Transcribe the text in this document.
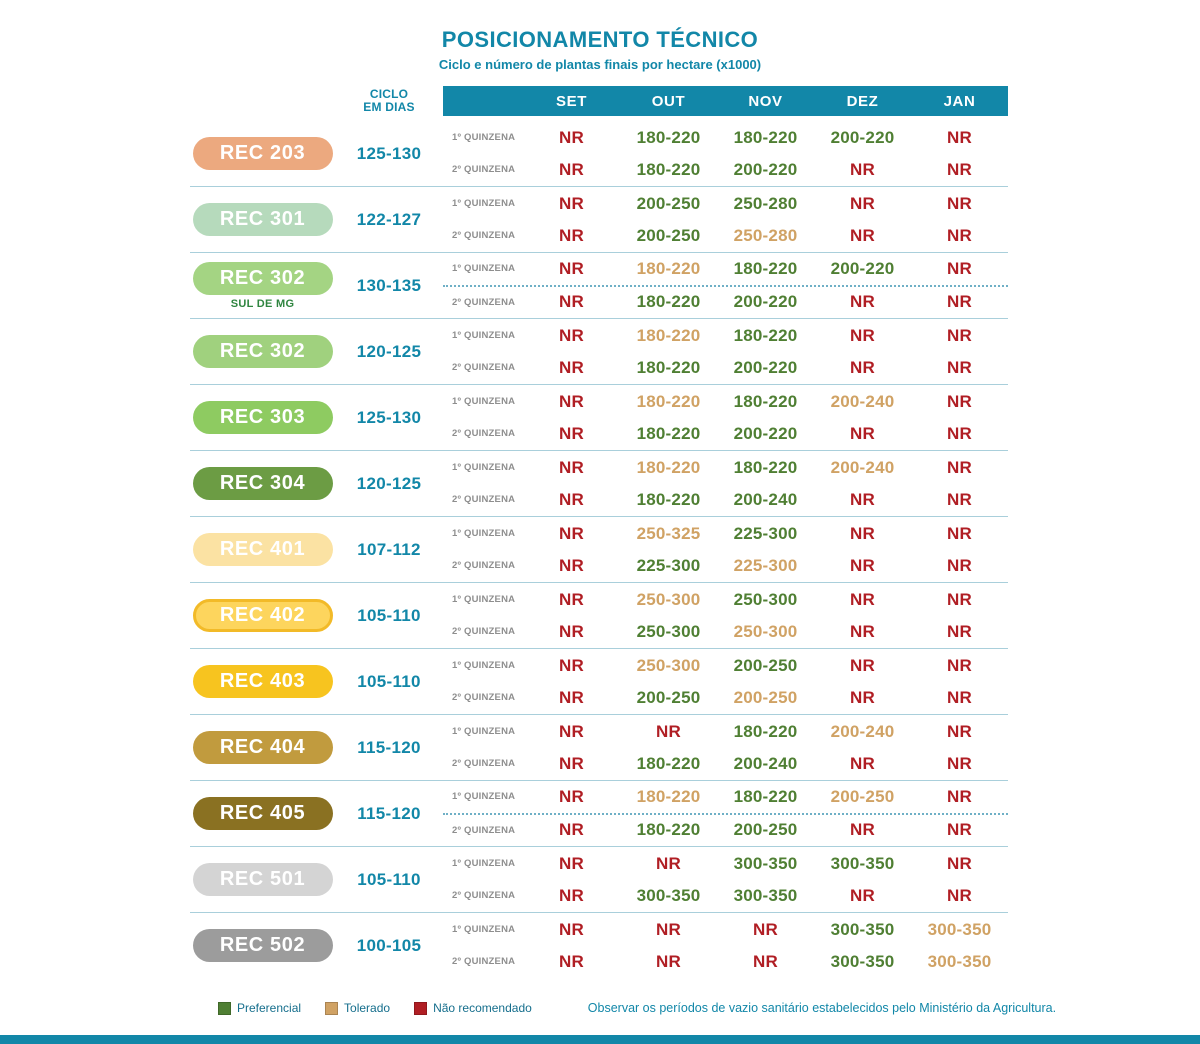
POSICIONAMENTO TÉCNICO
Ciclo e número de plantas finais por hectare (x1000)
CICLO
EM DIAS	SET	OUT	NOV	DEZ	JAN
REC 203	125-130
1º QUINZENA	NR	180-220	180-220	200-220	NR
2º QUINZENA	NR	180-220	200-220	NR	NR
REC 301	122-127
1º QUINZENA	NR	200-250	250-280	NR	NR
2º QUINZENA	NR	200-250	250-280	NR	NR
REC 302
SUL DE MG
130-135
1º QUINZENA	NR	180-220	180-220	200-220	NR
2º QUINZENA	NR	180-220	200-220	NR	NR
REC 302	120-125
1º QUINZENA	NR	180-220	180-220	NR	NR
2º QUINZENA	NR	180-220	200-220	NR	NR
REC 303	125-130
1º QUINZENA	NR	180-220	180-220	200-240	NR
2º QUINZENA	NR	180-220	200-220	NR	NR
REC 304	120-125
1º QUINZENA	NR	180-220	180-220	200-240	NR
2º QUINZENA	NR	180-220	200-240	NR	NR
REC 401	107-112
1º QUINZENA	NR	250-325	225-300	NR	NR
2º QUINZENA	NR	225-300	225-300	NR	NR
REC 402	105-110
1º QUINZENA	NR	250-300	250-300	NR	NR
2º QUINZENA	NR	250-300	250-300	NR	NR
REC 403	105-110
1º QUINZENA	NR	250-300	200-250	NR	NR
2º QUINZENA	NR	200-250	200-250	NR	NR
REC 404	115-120
1º QUINZENA	NR	NR	180-220	200-240	NR
2º QUINZENA	NR	180-220	200-240	NR	NR
REC 405	115-120
1º QUINZENA	NR	180-220	180-220	200-250	NR
2º QUINZENA	NR	180-220	200-250	NR	NR
REC 501	105-110
1º QUINZENA	NR	NR	300-350	300-350	NR
2º QUINZENA	NR	300-350	300-350	NR	NR
REC 502	100-105
1º QUINZENA	NR	NR	NR	300-350	300-350
2º QUINZENA	NR	NR	NR	300-350	300-350
Preferencial	Tolerado	Não recomendado	Observar os períodos de vazio sanitário estabelecidos pelo Ministério da Agricultura.
